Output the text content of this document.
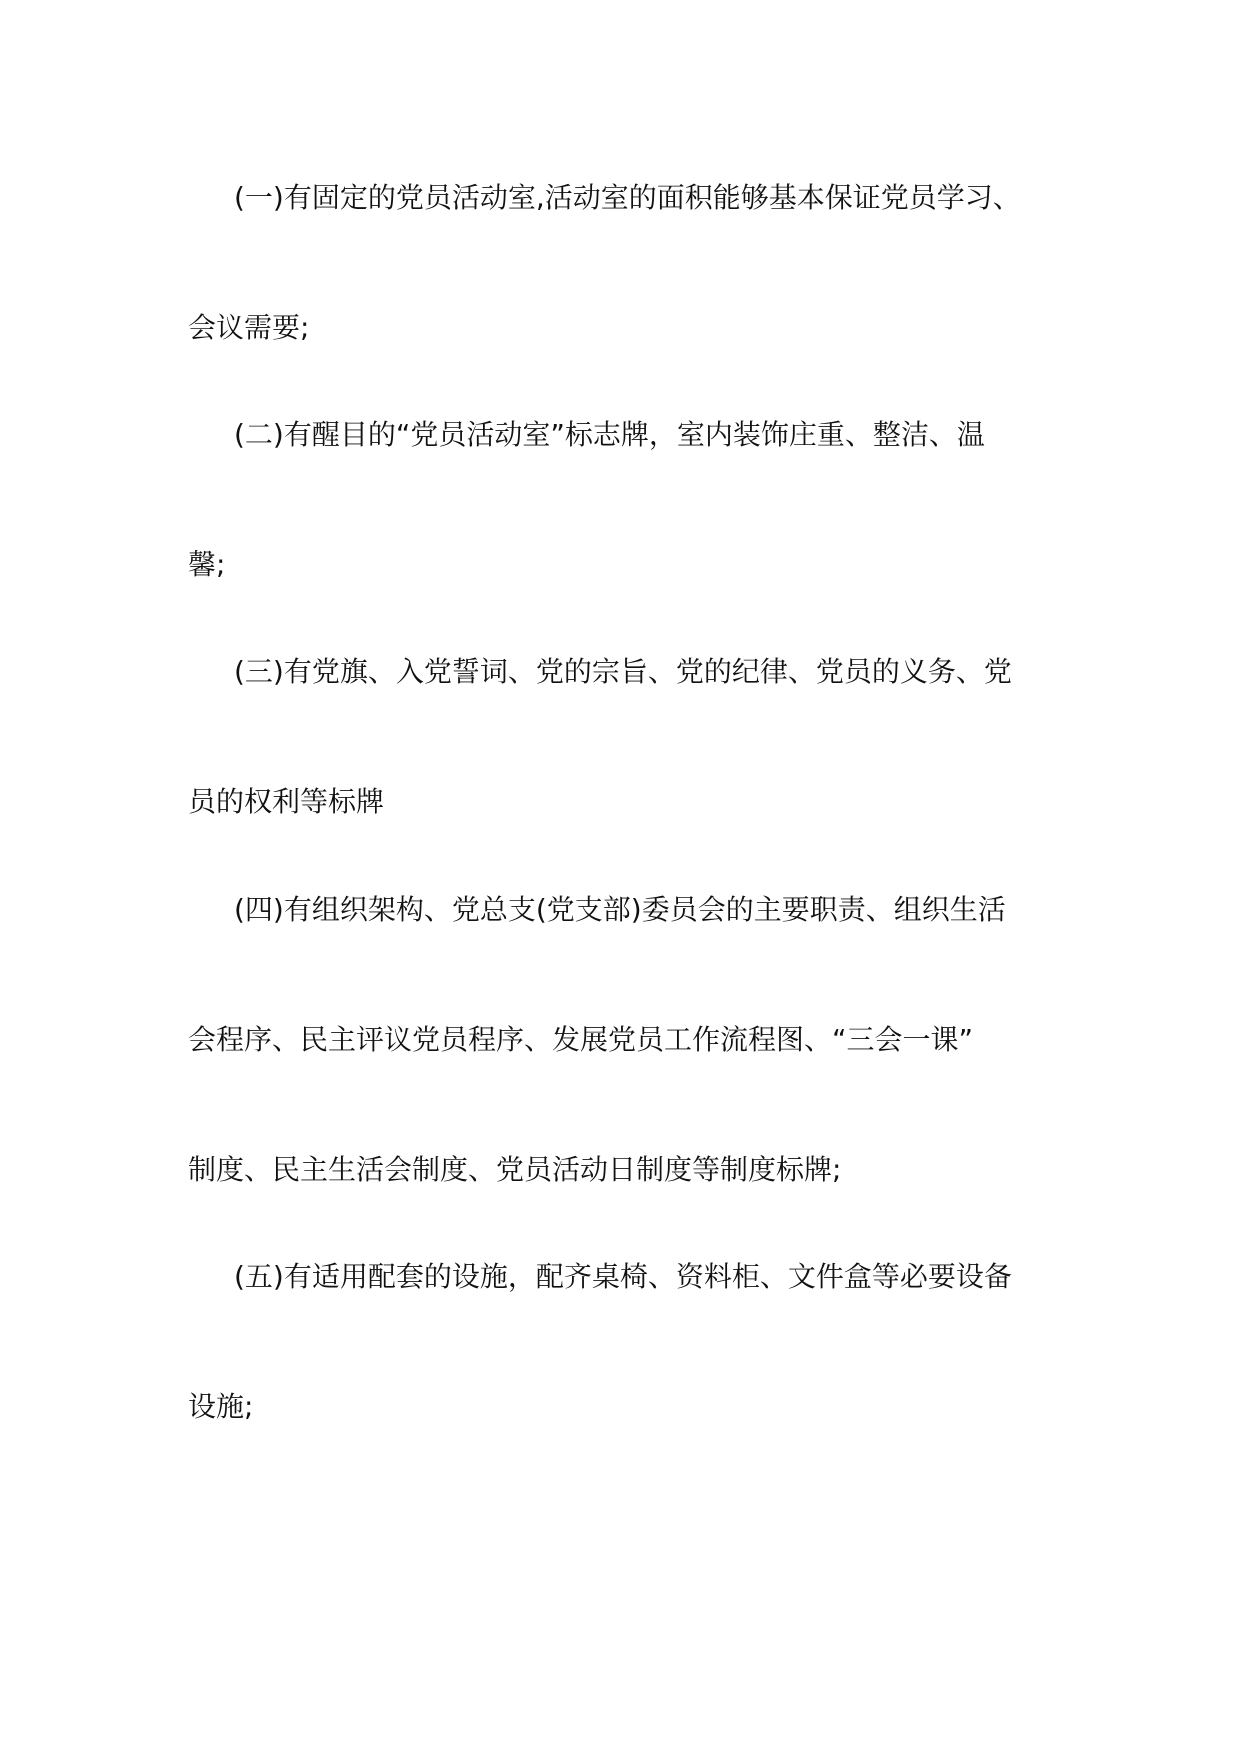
(一)有固定的党员活动室,活动室的面积能够基本保证党员学习、
会议需要;
(二)有醒目的“党员活动室”标志牌，室内装饰庄重、整洁、温
馨;
(三)有党旗、入党誓词、党的宗旨、党的纪律、党员的义务、党
员的权利等标牌
(四)有组织架构、党总支(党支部)委员会的主要职责、组织生活
会程序、民主评议党员程序、发展党员工作流程图、“三会一课”
制度、民主生活会制度、党员活动日制度等制度标牌;
(五)有适用配套的设施，配齐桌椅、资料柜、文件盒等必要设备
设施;
